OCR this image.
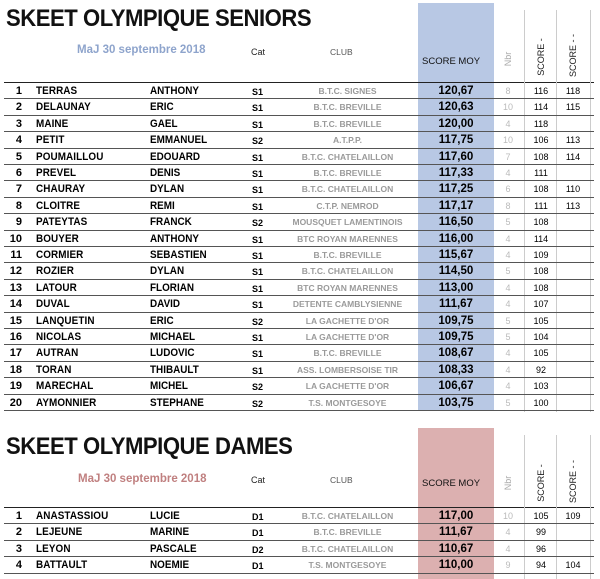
SKEET OLYMPIQUE SENIORS
MaJ 30 septembre 2018	Cat	CLUB
SCORE MOY	Nbr	SCORE - SCORE - -
1 TERRAS	ANTHONY	S1	B.T.C. SIGNES	120,67	8	116	118
2 DELAUNAY	ERIC	S1	B.T.C. BREVILLE	120,63	10	114	115
3 MAINE	GAEL	S1	B.T.C. BREVILLE	120,00	4	118
4 PETIT	EMMANUEL	S2	A.T.P.P.	117,75	10	106	113
5 POUMAILLOU	EDOUARD	S1	B.T.C. CHATELAILLON	117,60	7	108	114
6 PREVEL	DENIS	S1	B.T.C. BREVILLE	117,33	4	111
7 CHAURAY	DYLAN	S1	B.T.C. CHATELAILLON	117,25	6	108	110
8 CLOITRE	REMI	S1	C.T.P. NEMROD	117,17	8	111	113
9 PATEYTAS	FRANCK	S2	MOUSQUET LAMENTINOIS	116,50	5	108
10 BOUYER	ANTHONY	S1	BTC ROYAN MARENNES	116,00	4	114
11 CORMIER	SEBASTIEN	S1	B.T.C. BREVILLE	115,67	4	109
12 ROZIER	DYLAN	S1	B.T.C. CHATELAILLON	114,50	5	108
13 LATOUR	FLORIAN	S1	BTC ROYAN MARENNES	113,00	4	108
14 DUVAL	DAVID	S1	DETENTE CAMBLYSIENNE	111,67	4	107
15 LANQUETIN	ERIC	S2	LA GACHETTE D'OR	109,75	5	105
16 NICOLAS	MICHAEL	S1	LA GACHETTE D'OR	109,75	5	104
17 AUTRAN	LUDOVIC	S1	B.T.C. BREVILLE	108,67	4	105
18 TORAN	THIBAULT	S1	ASS. LOMBERSOISE TIR	108,33	4	92
19 MARECHAL	MICHEL	S2	LA GACHETTE D'OR	106,67	4	103
20 AYMONNIER	STEPHANE	S2	T.S. MONTGESOYE	103,75	5	100
SKEET OLYMPIQUE DAMES
MaJ 30 septembre 2018	Cat	CLUB	SCORE MOY	Nbr	SCORE - SCORE - -
1 ANASTASSIOU	LUCIE	D1	B.T.C. CHATELAILLON	117,00	10	105	109
2 LEJEUNE	MARINE	D1	B.T.C. BREVILLE	111,67	4	99
3 LEYON	PASCALE	D2	B.T.C. CHATELAILLON	110,67	4	96
4 BATTAULT	NOEMIE	D1	T.S. MONTGESOYE	110,00	9	94	104
